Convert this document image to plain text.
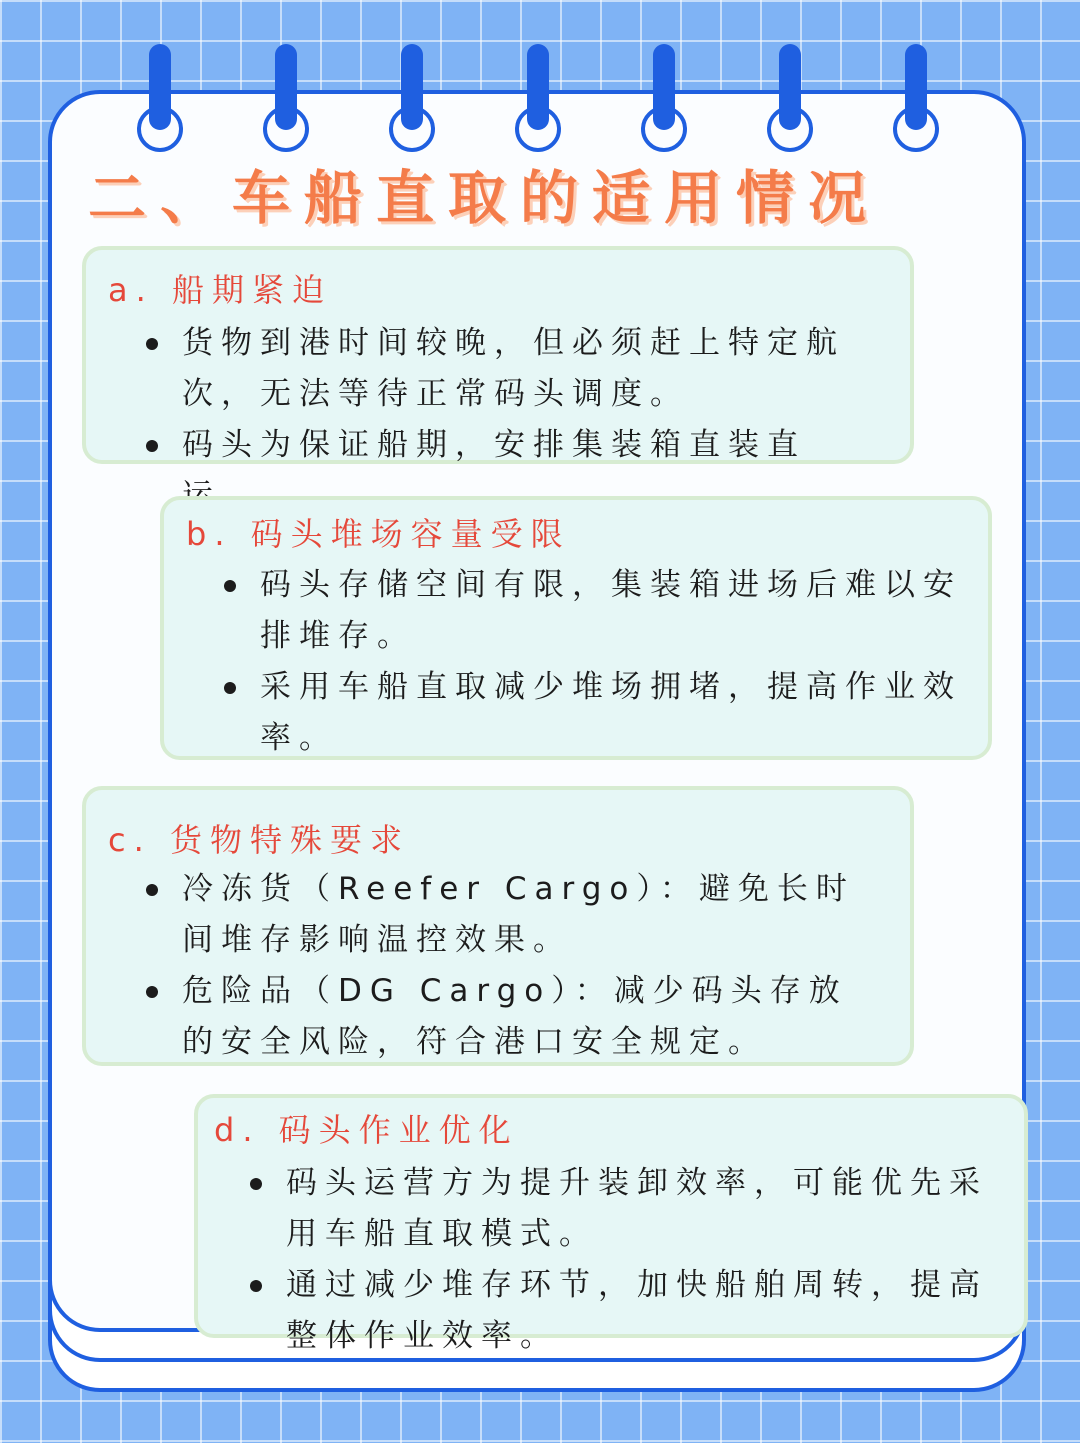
二、车船直取的适用情况
a. 船期紧迫
货物到港时间较晚，但必须赶上特定航次，无法等待正常码头调度。
码头为保证船期，安排集装箱直装直
b. 码头堆场容量受限
码头存储空间有限，集装箱进场后难以安排堆存。
采用车船直取减少堆场拥堵，提高作业效率。
c. 货物特殊要求
冷冻货（Reefer Cargo）：避免长时间堆存影响温控效果。
危险品（DG Cargo）：减少码头存放的安全风险，符合港口安全规定。
d. 码头作业优化
码头运营方为提升装卸效率，可能优先采用车船直取模式。
通过减少堆存环节，加快船舶周转，提高整体作业效率。
